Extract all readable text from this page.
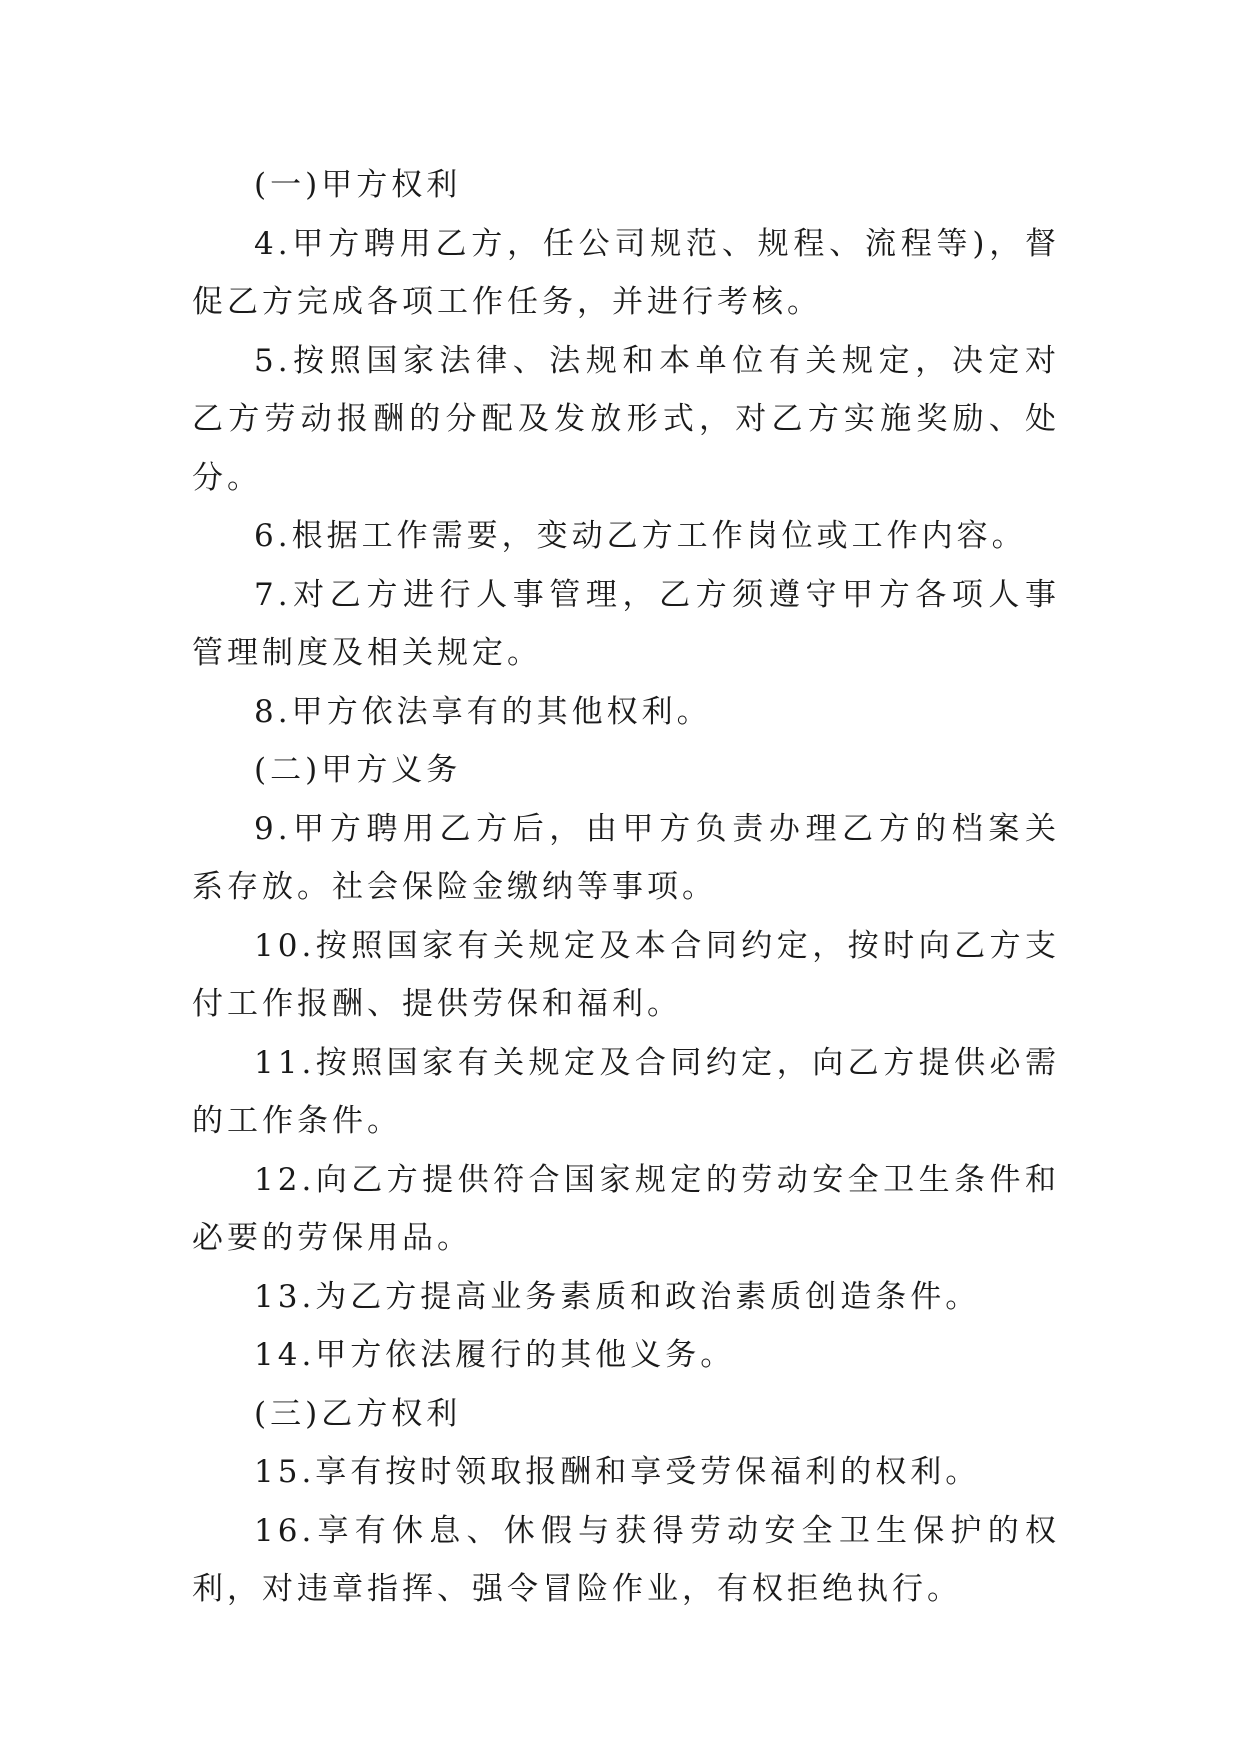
(一)甲方权利

4.甲方聘用乙方，任公司规范、规程、流程等)，督促乙方完成各项工作任务，并进行考核。

5.按照国家法律、法规和本单位有关规定，决定对乙方劳动报酬的分配及发放形式，对乙方实施奖励、处分。

6.根据工作需要，变动乙方工作岗位或工作内容。

7.对乙方进行人事管理，乙方须遵守甲方各项人事管理制度及相关规定。

8.甲方依法享有的其他权利。

(二)甲方义务

9.甲方聘用乙方后，由甲方负责办理乙方的档案关系存放。社会保险金缴纳等事项。

10.按照国家有关规定及本合同约定，按时向乙方支付工作报酬、提供劳保和福利。

11.按照国家有关规定及合同约定，向乙方提供必需的工作条件。

12.向乙方提供符合国家规定的劳动安全卫生条件和必要的劳保用品。

13.为乙方提高业务素质和政治素质创造条件。

14.甲方依法履行的其他义务。

(三)乙方权利

15.享有按时领取报酬和享受劳保福利的权利。

16.享有休息、休假与获得劳动安全卫生保护的权利，对违章指挥、强令冒险作业，有权拒绝执行。
